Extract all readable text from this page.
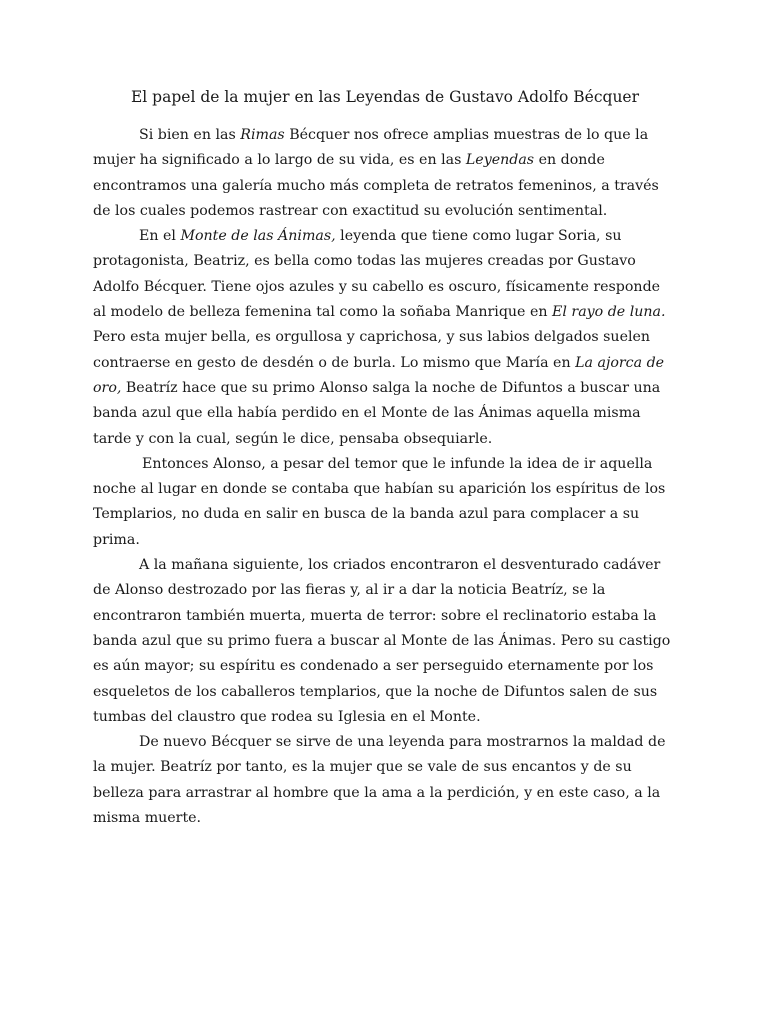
El papel de la mujer en las Leyendas de Gustavo Adolfo Bécquer

Si bien en las Rimas Bécquer nos ofrece amplias muestras de lo que la mujer ha significado a lo largo de su vida, es en las Leyendas en donde encontramos una galería mucho más completa de retratos femeninos, a través de los cuales podemos rastrear con exactitud su evolución sentimental.

En el Monte de las Ánimas, leyenda que tiene como lugar Soria, su protagonista, Beatriz, es bella como todas las mujeres creadas por Gustavo Adolfo Bécquer. Tiene ojos azules y su cabello es oscuro, físicamente responde al modelo de belleza femenina tal como la soñaba Manrique en El rayo de luna. Pero esta mujer bella, es orgullosa y caprichosa, y sus labios delgados suelen contraerse en gesto de desdén o de burla. Lo mismo que María en La ajorca de oro, Beatríz hace que su primo Alonso salga la noche de Difuntos a buscar una banda azul que ella había perdido en el Monte de las Ánimas aquella misma tarde y con la cual, según le dice, pensaba obsequiarle.

Entonces Alonso, a pesar del temor que le infunde la idea de ir aquella noche al lugar en donde se contaba que habían su aparición los espíritus de los Templarios, no duda en salir en busca de la banda azul para complacer a su prima.

A la mañana siguiente, los criados encontraron el desventurado cadáver de Alonso destrozado por las fieras y, al ir a dar la noticia Beatríz, se la encontraron también muerta, muerta de terror: sobre el reclinatorio estaba la banda azul que su primo fuera a buscar al Monte de las Ánimas. Pero su castigo es aún mayor; su espíritu es condenado a ser perseguido eternamente por los esqueletos de los caballeros templarios, que la noche de Difuntos salen de sus tumbas del claustro que rodea su Iglesia en el Monte.

De nuevo Bécquer se sirve de una leyenda para mostrarnos la maldad de la mujer. Beatríz por tanto, es la mujer que se vale de sus encantos y de su belleza para arrastrar al hombre que la ama a la perdición, y en este caso, a la misma muerte.
